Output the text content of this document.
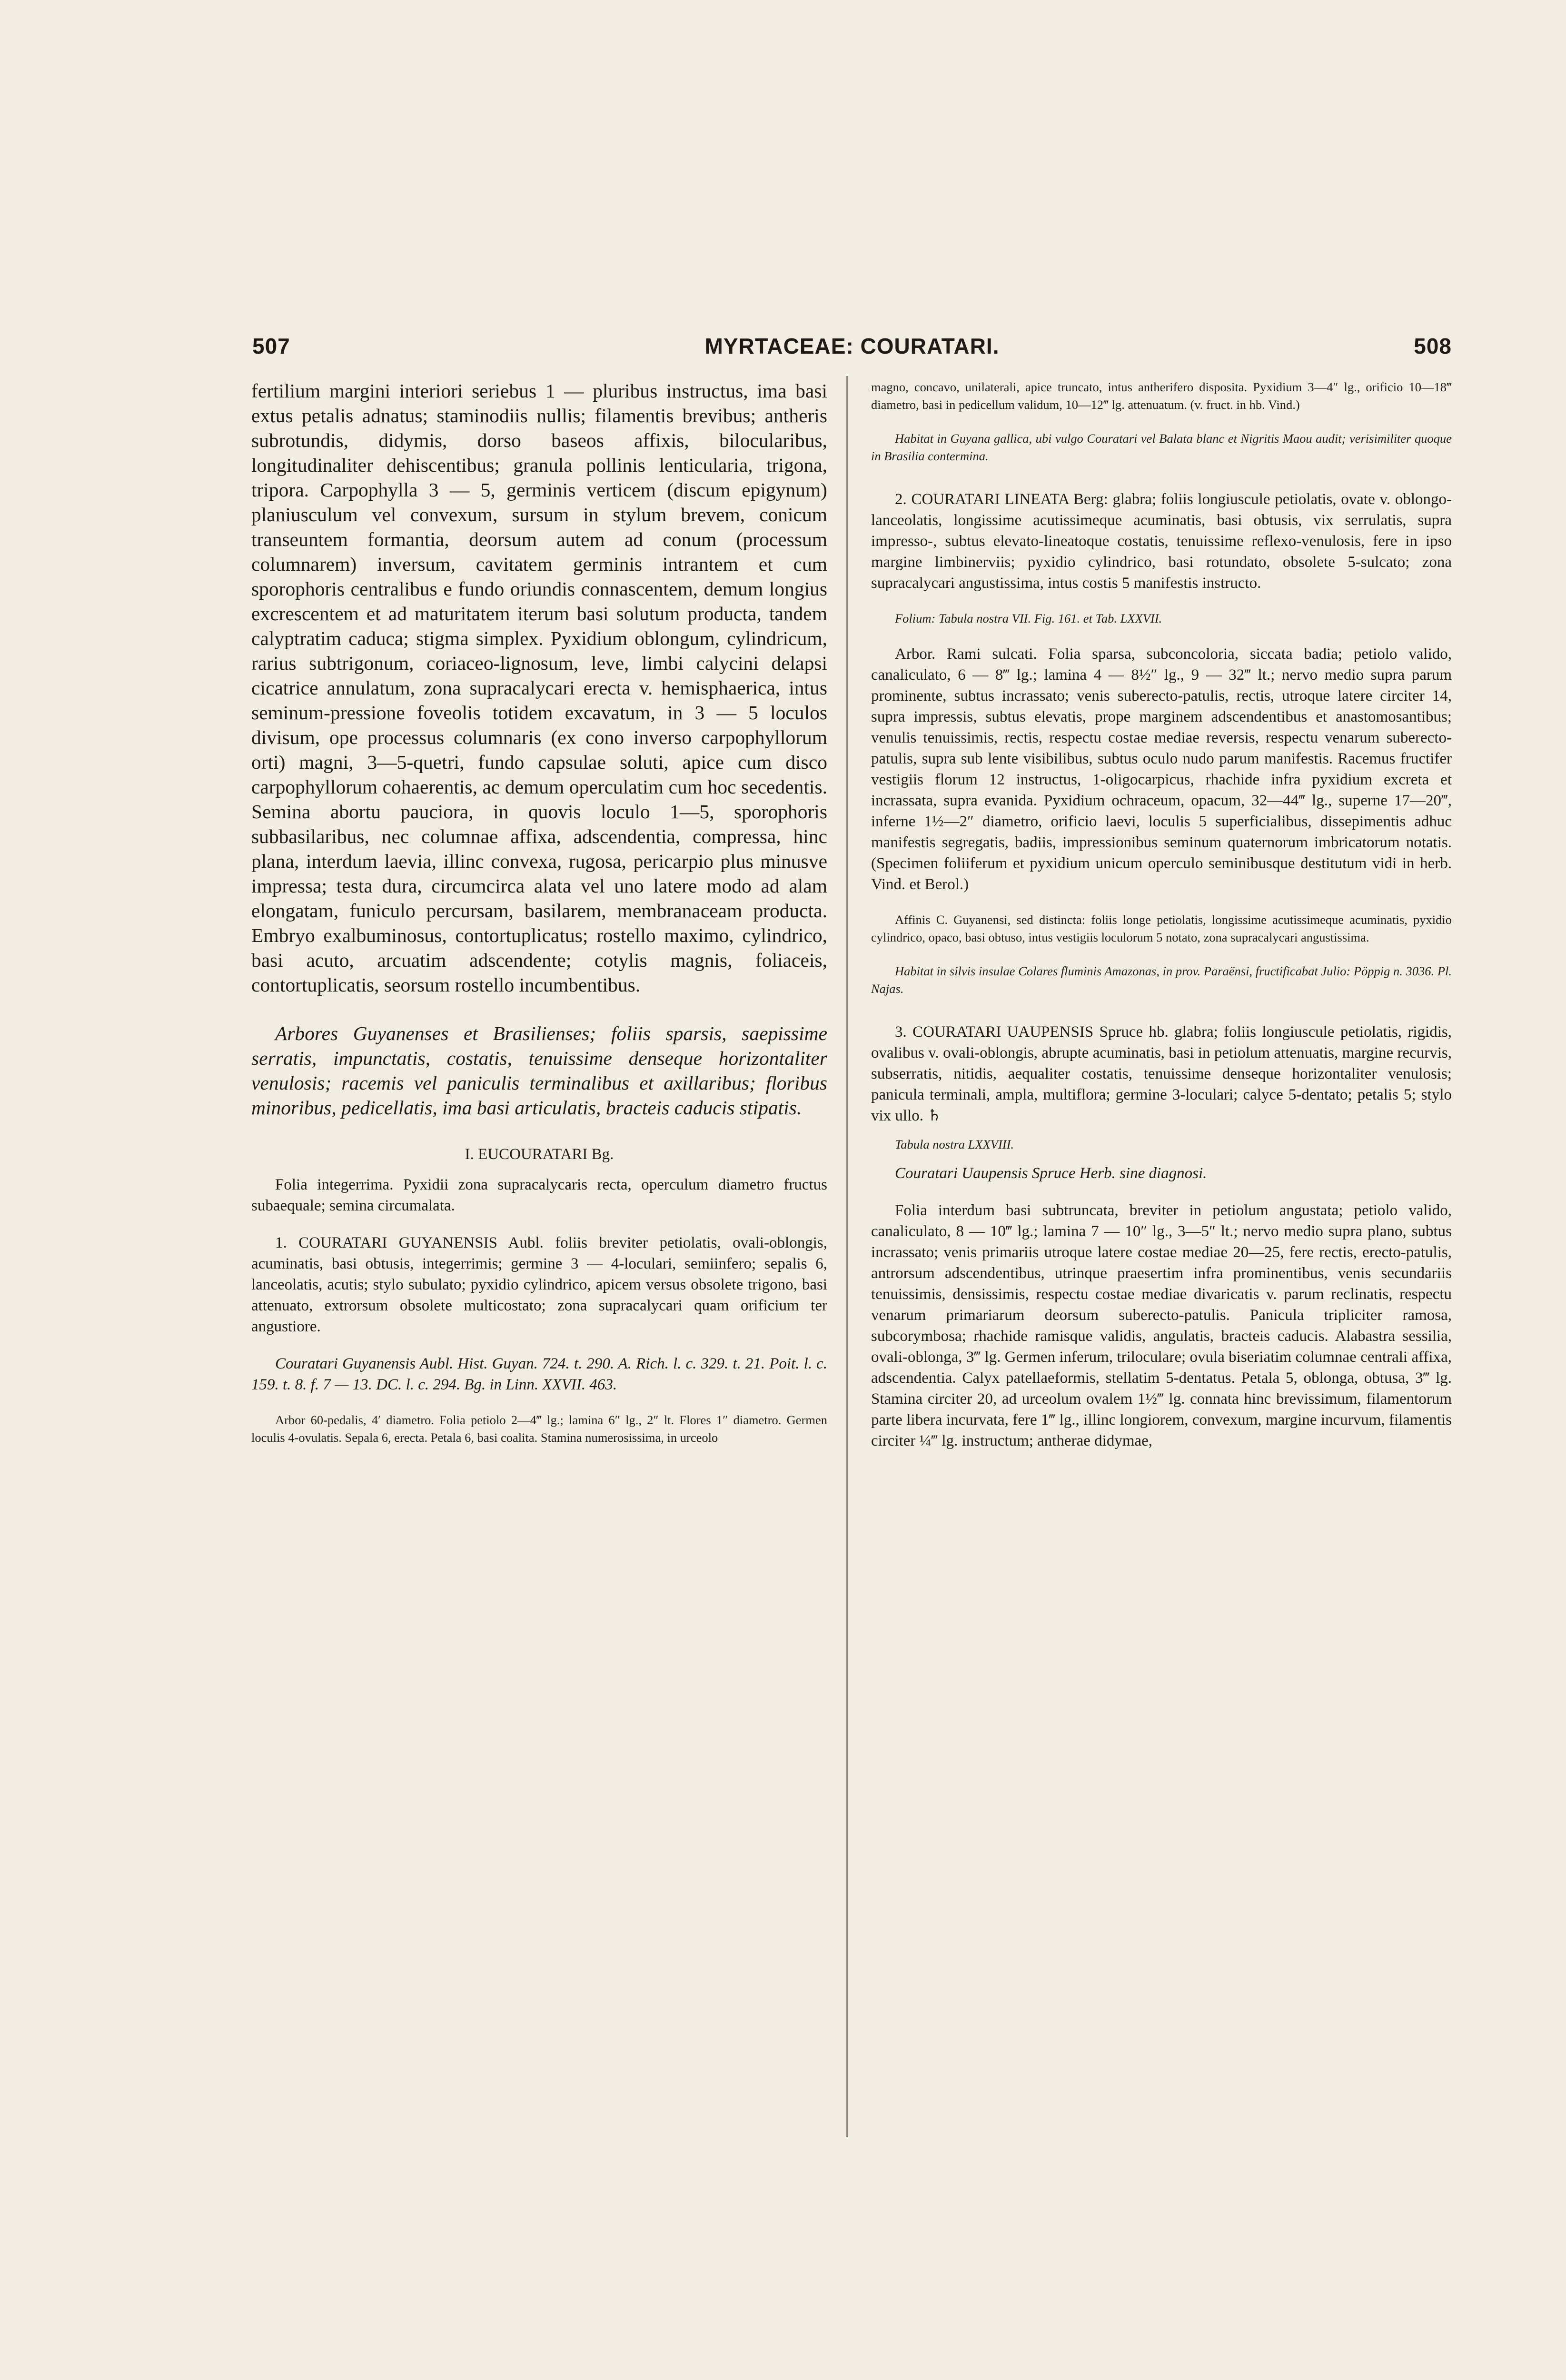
507	MYRTACEAE: COURATARI.	508

fertilium margini interiori seriebus 1 — pluribus instructus, ima basi extus petalis adnatus; staminodiis nullis; filamentis brevibus; antheris subrotundis, didymis, dorso baseos affixis, bilocularibus, longitudinaliter dehiscentibus; granula pollinis lenticularia, trigona, tripora. Carpophylla 3 — 5, germinis verticem (discum epigynum) planiusculum vel convexum, sursum in stylum brevem, conicum transeuntem formantia, deorsum autem ad conum (processum columnarem) inversum, cavitatem germinis intrantem et cum sporophoris centralibus e fundo oriundis connascentem, demum longius excrescentem et ad maturitatem iterum basi solutum producta, tandem calyptratim caduca; stigma simplex. Pyxidium oblongum, cylindricum, rarius subtrigonum, coriaceo-lignosum, leve, limbi calycini delapsi cicatrice annulatum, zona supracalycari erecta v. hemisphaerica, intus seminum-pressione foveolis totidem excavatum, in 3 — 5 loculos divisum, ope processus columnaris (ex cono inverso carpophyllorum orti) magni, 3—5-quetri, fundo capsulae soluti, apice cum disco carpophyllorum cohaerentis, ac demum operculatim cum hoc secedentis. Semina abortu pauciora, in quovis loculo 1—5, sporophoris subbasilaribus, nec columnae affixa, adscendentia, compressa, hinc plana, interdum laevia, illinc convexa, rugosa, pericarpio plus minusve impressa; testa dura, circumcirca alata vel uno latere modo ad alam elongatam, funiculo percursam, basilarem, membranaceam producta. Embryo exalbuminosus, contortuplicatus; rostello maximo, cylindrico, basi acuto, arcuatim adscendente; cotylis magnis, foliaceis, contortuplicatis, seorsum rostello incumbentibus.

Arbores Guyanenses et Brasilienses; foliis sparsis, saepissime serratis, impunctatis, costatis, tenuissime denseque horizontaliter venulosis; racemis vel paniculis terminalibus et axillaribus; floribus minoribus, pedicellatis, ima basi articulatis, bracteis caducis stipatis.

I. EUCOURATARI Bg.

Folia integerrima. Pyxidii zona supracalycaris recta, operculum diametro fructus subaequale; semina circumalata.

1. COURATARI GUYANENSIS Aubl. foliis breviter petiolatis, ovali-oblongis, acuminatis, basi obtusis, integerrimis; germine 3 — 4-loculari, semiinfero; sepalis 6, lanceolatis, acutis; stylo subulato; pyxidio cylindrico, apicem versus obsolete trigono, basi attenuato, extrorsum obsolete multicostato; zona supracalycari quam orificium ter angustiore.

Couratari Guyanensis Aubl. Hist. Guyan. 724. t. 290. A. Rich. l. c. 329. t. 21. Poit. l. c. 159. t. 8. f. 7 — 13. DC. l. c. 294. Bg. in Linn. XXVII. 463.

Arbor 60-pedalis, 4′ diametro. Folia petiolo 2—4‴ lg.; lamina 6″ lg., 2″ lt. Flores 1″ diametro. Germen loculis 4-ovulatis. Sepala 6, erecta. Petala 6, basi coalita. Stamina numerosissima, in urceolo

magno, concavo, unilaterali, apice truncato, intus antherifero disposita. Pyxidium 3—4″ lg., orificio 10—18‴ diametro, basi in pedicellum validum, 10—12‴ lg. attenuatum. (v. fruct. in hb. Vind.)

Habitat in Guyana gallica, ubi vulgo Couratari vel Balata blanc et Nigritis Maou audit; verisimiliter quoque in Brasilia contermina.

2. COURATARI LINEATA Berg: glabra; foliis longiuscule petiolatis, ovate v. oblongo-lanceolatis, longissime acutissimeque acuminatis, basi obtusis, vix serrulatis, supra impresso-, subtus elevato-lineatoque costatis, tenuissime reflexo-venulosis, fere in ipso margine limbinerviis; pyxidio cylindrico, basi rotundato, obsolete 5-sulcato; zona supracalycari angustissima, intus costis 5 manifestis instructo.

Folium: Tabula nostra VII. Fig. 161. et Tab. LXXVII.

Arbor. Rami sulcati. Folia sparsa, subconcoloria, siccata badia; petiolo valido, canaliculato, 6 — 8‴ lg.; lamina 4 — 8½″ lg., 9 — 32‴ lt.; nervo medio supra parum prominente, subtus incrassato; venis suberecto-patulis, rectis, utroque latere circiter 14, supra impressis, subtus elevatis, prope marginem adscendentibus et anastomosantibus; venulis tenuissimis, rectis, respectu costae mediae reversis, respectu venarum suberecto-patulis, supra sub lente visibilibus, subtus oculo nudo parum manifestis. Racemus fructifer vestigiis florum 12 instructus, 1-oligocarpicus, rhachide infra pyxidium excreta et incrassata, supra evanida. Pyxidium ochraceum, opacum, 32—44‴ lg., superne 17—20‴, inferne 1½—2″ diametro, orificio laevi, loculis 5 superficialibus, dissepimentis adhuc manifestis segregatis, badiis, impressionibus seminum quaternorum imbricatorum notatis. (Specimen foliiferum et pyxidium unicum operculo seminibusque destitutum vidi in herb. Vind. et Berol.)

Affinis C. Guyanensi, sed distincta: foliis longe petiolatis, longissime acutissimeque acuminatis, pyxidio cylindrico, opaco, basi obtuso, intus vestigiis loculorum 5 notato, zona supracalycari angustissima.

Habitat in silvis insulae Colares fluminis Amazonas, in prov. Paraënsi, fructificabat Julio: Pöppig n. 3036. Pl. Najas.

3. COURATARI UAUPENSIS Spruce hb. glabra; foliis longiuscule petiolatis, rigidis, ovalibus v. ovali-oblongis, abrupte acuminatis, basi in petiolum attenuatis, margine recurvis, subserratis, nitidis, aequaliter costatis, tenuissime denseque horizontaliter venulosis; panicula terminali, ampla, multiflora; germine 3-loculari; calyce 5-dentato; petalis 5; stylo vix ullo. ♄

Tabula nostra LXXVIII.

Couratari Uaupensis Spruce Herb. sine diagnosi.

Folia interdum basi subtruncata, breviter in petiolum angustata; petiolo valido, canaliculato, 8 — 10‴ lg.; lamina 7 — 10″ lg., 3—5″ lt.; nervo medio supra plano, subtus incrassato; venis primariis utroque latere costae mediae 20—25, fere rectis, erecto-patulis, antrorsum adscendentibus, utrinque praesertim infra prominentibus, venis secundariis tenuissimis, densissimis, respectu costae mediae divaricatis v. parum reclinatis, respectu venarum primariarum deorsum suberecto-patulis. Panicula tripliciter ramosa, subcorymbosa; rhachide ramisque validis, angulatis, bracteis caducis. Alabastra sessilia, ovali-oblonga, 3‴ lg. Germen inferum, triloculare; ovula biseriatim columnae centrali affixa, adscendentia. Calyx patellaeformis, stellatim 5-dentatus. Petala 5, oblonga, obtusa, 3‴ lg. Stamina circiter 20, ad urceolum ovalem 1½‴ lg. connata hinc brevissimum, filamentorum parte libera incurvata, fere 1‴ lg., illinc longiorem, convexum, margine incurvum, filamentis circiter ¼‴ lg. instructum; antherae didymae,
